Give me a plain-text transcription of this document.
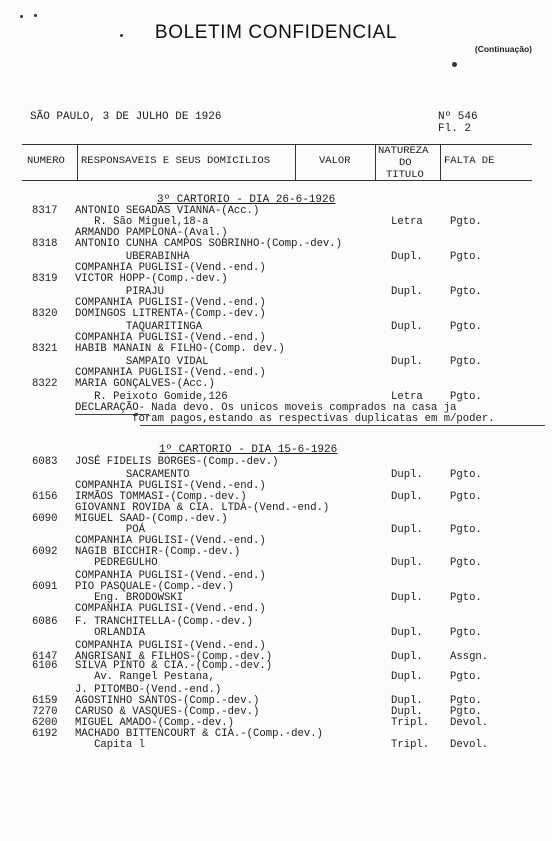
BOLETIM CONFIDENCIAL
(Continuação)
SÃO PAULO, 3 DE JULHO DE 1926	Nº 546
Fl. 2
NUMERO RESPONSAVEIS E SEUS DOMICILIOS	VALOR
NATUREZA
DO
TITULO
FALTA DE
3º CARTORIO - DIA 26-6-1926
1º CARTORIO - DIA 15-6-1926
8317 ANTONIO SEGADAS VIANNA-(Acc.)
R. São Miguel,18-a	Letra	Pgto.
ARMANDO PAMPLONA-(Aval.)
8318 ANTONIO CUNHA CAMPOS SOBRINHO-(Comp.-dev.)
UBERABINHA	Dupl.	Pgto.
COMPANHIA PUGLISI-(Vend.-end.)
8319 VICTOR HOPP-(Comp.-dev.)
PIRAJU	Dupl.	Pgto.
COMPANHIA PUGLISI-(Vend.-end.)
8320 DOMINGOS LITRENTA-(Comp.-dev.)
TAQUARITINGA	Dupl.	Pgto.
COMPANHIA PUGLISI-(Vend.-end.)
8321 HABIB MANAIN & FILHO-(Comp. dev.)
SAMPAIO VIDAL	Dupl.	Pgto.
COMPANHIA PUGLISI-(Vend.-end.)
8322 MARIA GONÇALVES-(Acc.)
R. Peixoto Gomide,126	Letra	Pgto.
DECLARAÇÃO- Nada devo. Os unicos moveis comprados na casa ja
foram pagos,estando as respectivas duplicatas em m/poder.
6083 JOSÉ FIDELIS BORGES-(Comp.-dev.)
SACRAMENTO	Dupl.	Pgto.
COMPANHIA PUGLISI-(Vend.-end.)
6156 IRMÃOS TOMMASI-(Comp.-dev.)	Dupl.	Pgto.
GIOVANNI ROVIDA & CIA. LTDA-(Vend.-end.)
6090 MIGUEL SAAD-(Comp.-dev.)
POÁ	Dupl.	Pgto.
COMPANHIA PUGLISI-(Vend.-end.)
6092 NAGIB BICCHIR-(Comp.-dev.)
PEDREGULHO	Dupl.	Pgto.
COMPANHIA PUGLISI-(Vend.-end.)
6091 PIO PASQUALE-(Comp.-dev.)
Eng. BRODOWSKI	Dupl.	Pgto.
COMPANHIA PUGLISI-(Vend.-end.)
6086 F. TRANCHITELLA-(Comp.-dev.)
ORLANDIA	Dupl.	Pgto.
COMPANHIA PUGLISI-(Vend.-end.)
6147 ANGRISANI & FILHOS-(Comp.-dev.)	Dupl.	Assgn.
6106 SILVA PINTO & CIA.-(Comp.-dev.)
Av. Rangel Pestana,	Dupl.	Pgto.
J. PITOMBO-(Vend.-end.)
6159 AGOSTINHO SANTOS-(Comp.-dev.)	Dupl.	Pgto.
7270 CARUSO & VASQUES-(Comp.-dev.)	Dupl.	Pgto.
6200 MIGUEL AMADO-(Comp.-dev.)	Tripl. Devol.
6192 MACHADO BITTENCOURT & CIA.-(Comp.-dev.)
Capita l	Tripl. Devol.
